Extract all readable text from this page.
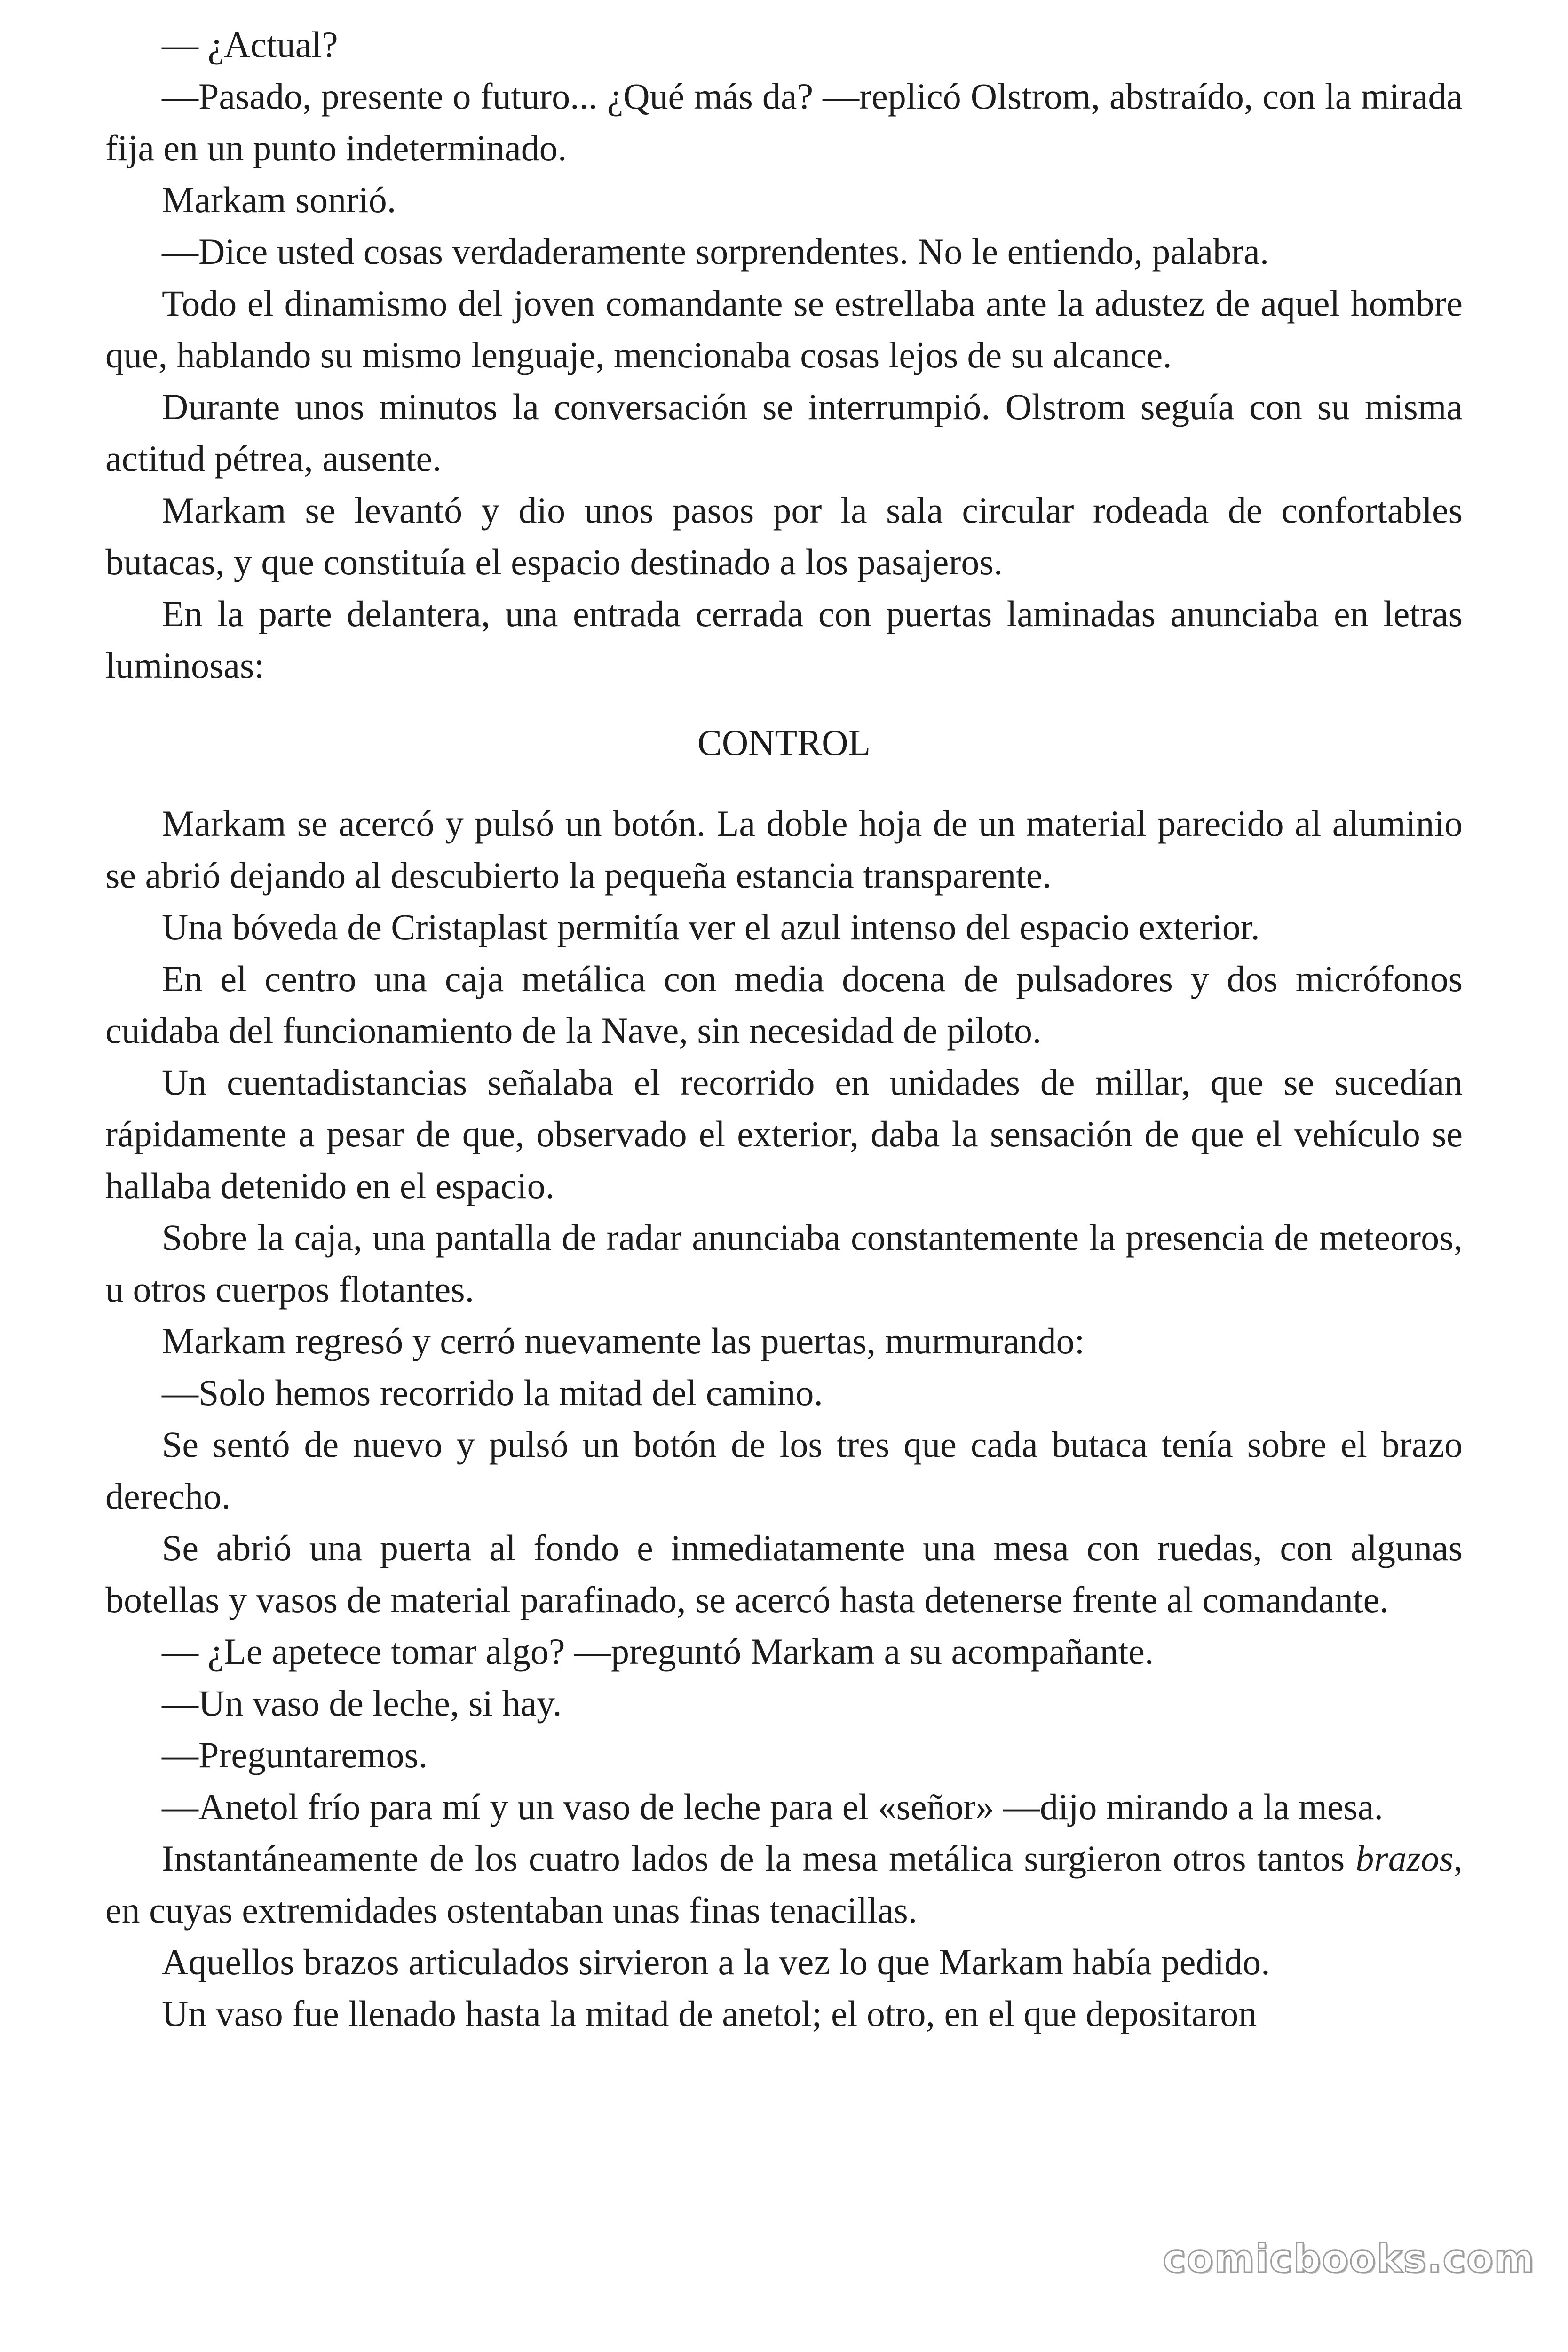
— ¿Actual?

—Pasado, presente o futuro... ¿Qué más da? —replicó Olstrom, abstraído, con la mirada fija en un punto indeterminado.

Markam sonrió.

—Dice usted cosas verdaderamente sorprendentes. No le entiendo, palabra.

Todo el dinamismo del joven comandante se estrellaba ante la adustez de aquel hombre que, hablando su mismo lenguaje, mencionaba cosas lejos de su alcance.

Durante unos minutos la conversación se interrumpió. Olstrom seguía con su misma actitud pétrea, ausente.

Markam se levantó y dio unos pasos por la sala circular rodeada de confortables butacas, y que constituía el espacio destinado a los pasajeros.

En la parte delantera, una entrada cerrada con puertas laminadas anunciaba en letras luminosas:

CONTROL

Markam se acercó y pulsó un botón. La doble hoja de un material parecido al aluminio se abrió dejando al descubierto la pequeña estancia transparente.

Una bóveda de Cristaplast permitía ver el azul intenso del espacio exterior.

En el centro una caja metálica con media docena de pulsadores y dos micrófonos cuidaba del funcionamiento de la Nave, sin necesidad de piloto.

Un cuentadistancias señalaba el recorrido en unidades de millar, que se sucedían rápidamente a pesar de que, observado el exterior, daba la sensación de que el vehículo se hallaba detenido en el espacio.

Sobre la caja, una pantalla de radar anunciaba constantemente la presencia de meteoros, u otros cuerpos flotantes.

Markam regresó y cerró nuevamente las puertas, murmurando:

—Solo hemos recorrido la mitad del camino.

Se sentó de nuevo y pulsó un botón de los tres que cada butaca tenía sobre el brazo derecho.

Se abrió una puerta al fondo e inmediatamente una mesa con ruedas, con algunas botellas y vasos de material parafinado, se acercó hasta detenerse frente al comandante.

— ¿Le apetece tomar algo? —preguntó Markam a su acompañante.

—Un vaso de leche, si hay.

—Preguntaremos.

—Anetol frío para mí y un vaso de leche para el «señor» —dijo mirando a la mesa.

Instantáneamente de los cuatro lados de la mesa metálica surgieron otros tantos brazos, en cuyas extremidades ostentaban unas finas tenacillas.

Aquellos brazos articulados sirvieron a la vez lo que Markam había pedido.

Un vaso fue llenado hasta la mitad de anetol; el otro, en el que depositaron

comicbooks.com
